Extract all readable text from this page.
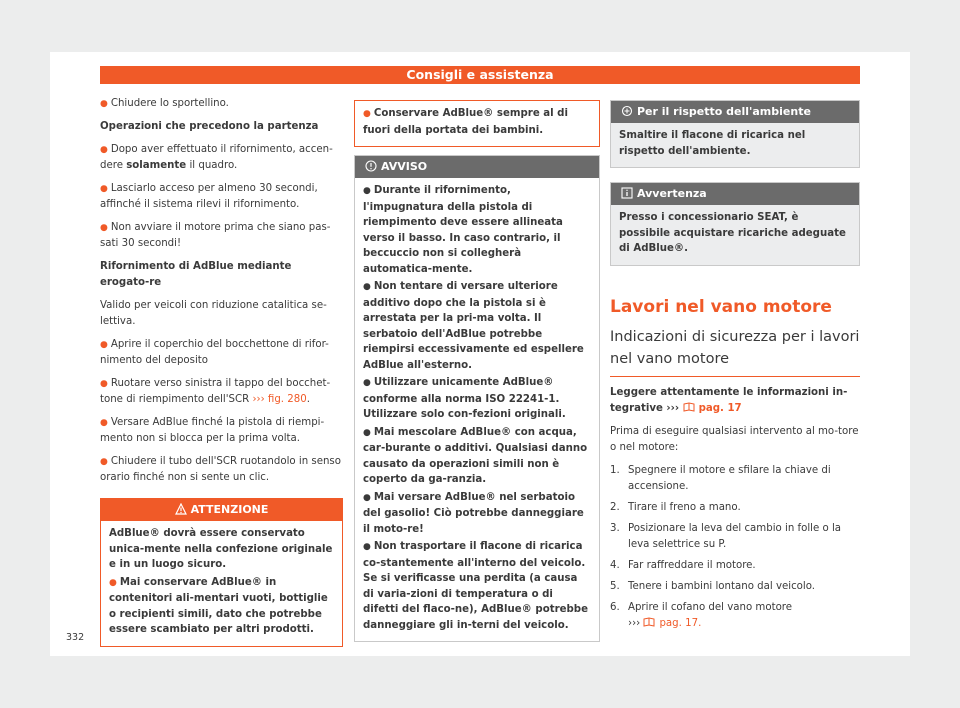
Consigli e assistenza

● Chiudere lo sportellino.

Operazioni che precedono la partenza

● Dopo aver effettuato il rifornimento, accen-dere solamente il quadro.

● Lasciarlo acceso per almeno 30 secondi, affinché il sistema rilevi il rifornimento.

● Non avviare il motore prima che siano pas-sati 30 secondi!

Rifornimento di AdBlue mediante erogato-re

Valido per veicoli con riduzione catalitica se-lettiva.

● Aprire il coperchio del bocchettone di rifor-nimento del deposito

● Ruotare verso sinistra il tappo del bocchet-tone di riempimento dell'SCR ››› fig. 280.

● Versare AdBlue finché la pistola di riempi-mento non si blocca per la prima volta.

● Chiudere il tubo dell'SCR ruotandolo in senso orario finché non si sente un clic.

ATTENZIONE

AdBlue® dovrà essere conservato unica-mente nella confezione originale e in un luogo sicuro.

● Mai conservare AdBlue® in contenitori ali-mentari vuoti, bottiglie o recipienti simili, dato che potrebbe essere scambiato per altri prodotti.

● Conservare AdBlue® sempre al di fuori della portata dei bambini.

AVVISO

● Durante il rifornimento, l'impugnatura della pistola di riempimento deve essere allineata verso il basso. In caso contrario, il beccuccio non si collegherà automatica-mente.

● Non tentare di versare ulteriore additivo dopo che la pistola si è arrestata per la pri-ma volta. Il serbatoio dell'AdBlue potrebbe riempirsi eccessivamente ed espellere AdBlue all'esterno.

● Utilizzare unicamente AdBlue® conforme alla norma ISO 22241-1. Utilizzare solo con-fezioni originali.

● Mai mescolare AdBlue® con acqua, car-burante o additivi. Qualsiasi danno causato da operazioni simili non è coperto da ga-ranzia.

● Mai versare AdBlue® nel serbatoio del gasolio! Ciò potrebbe danneggiare il moto-re!

● Non trasportare il flacone di ricarica co-stantemente all'interno del veicolo. Se si verificasse una perdita (a causa di varia-zioni di temperatura o di difetti del flaco-ne), AdBlue® potrebbe danneggiare gli in-terni del veicolo.

Per il rispetto dell'ambiente

Smaltire il flacone di ricarica nel rispetto dell'ambiente.

Avvertenza

Presso i concessionario SEAT, è possibile acquistare ricariche adeguate di AdBlue®.

Lavori nel vano motore
Indicazioni di sicurezza per i lavori nel vano motore

Leggere attentamente le informazioni in-tegrative ››› pag. 17

Prima di eseguire qualsiasi intervento al mo-tore o nel motore:

1. Spegnere il motore e sfilare la chiave di accensione.
2. Tirare il freno a mano.
3. Posizionare la leva del cambio in folle o la leva selettrice su P.
4. Far raffreddare il motore.
5. Tenere i bambini lontano dal veicolo.
6. Aprire il cofano del vano motore
››› pag. 17.
332
